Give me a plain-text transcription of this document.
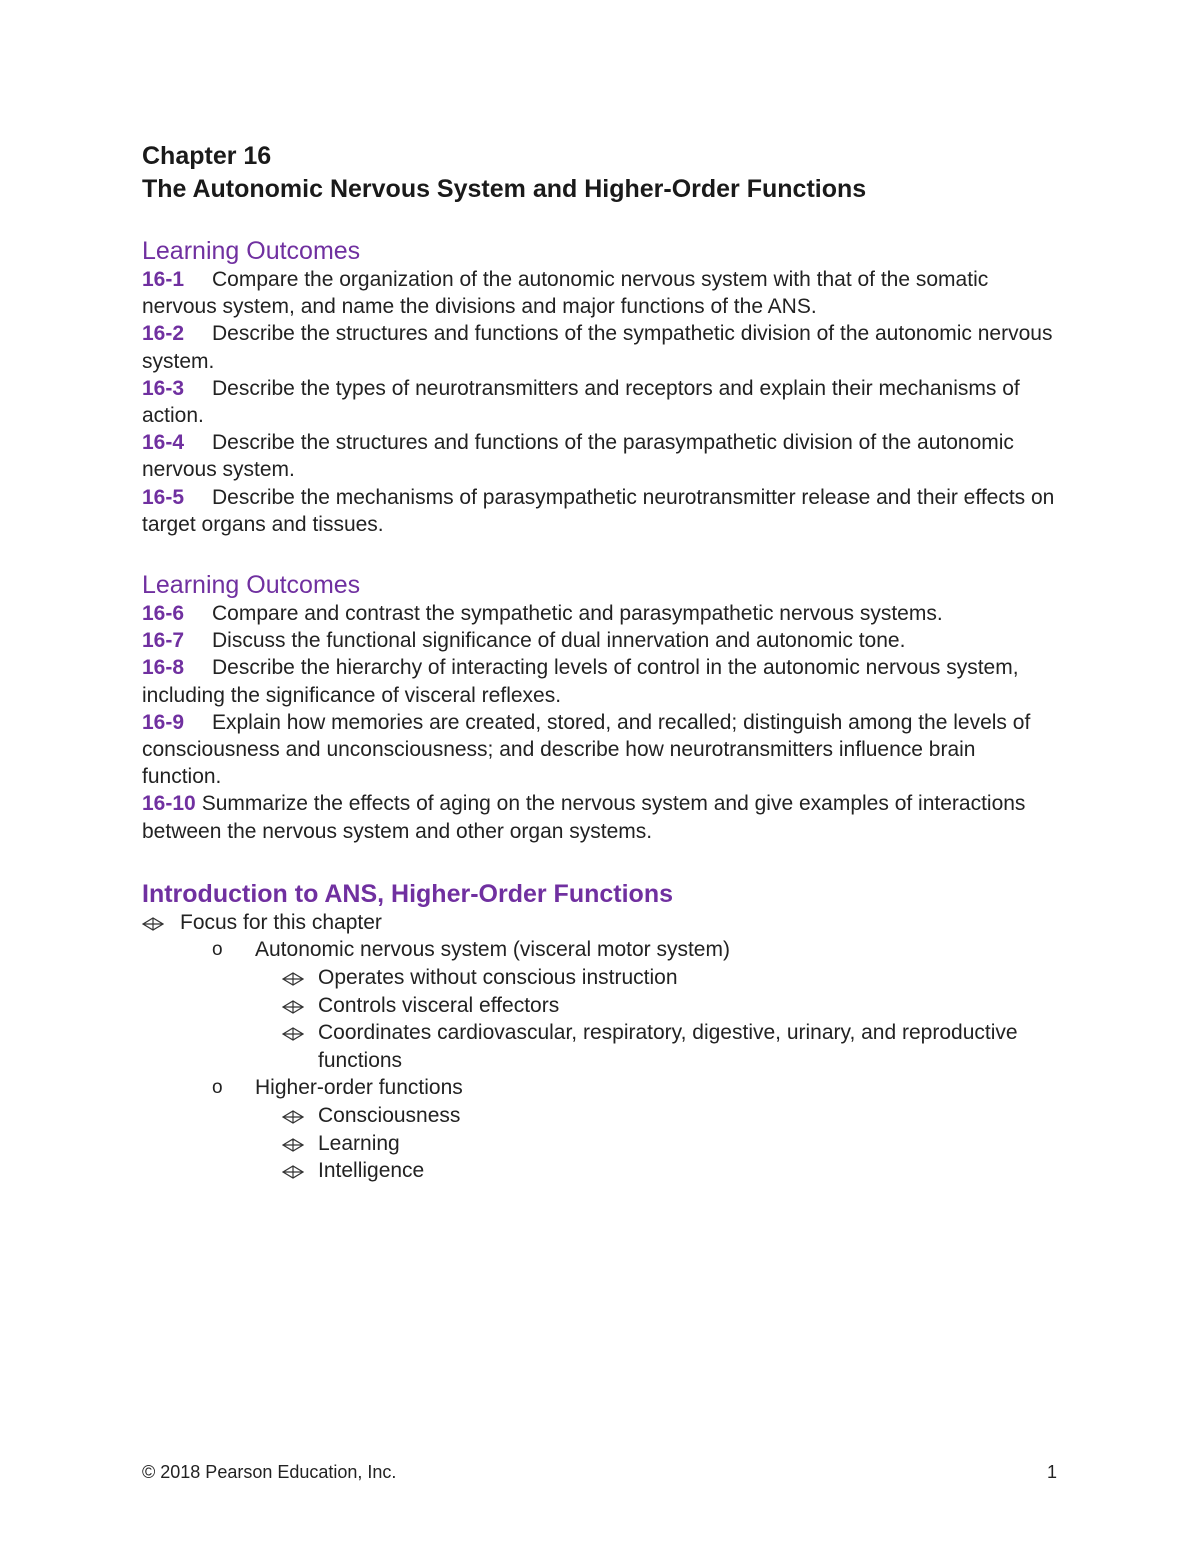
Chapter 16
The Autonomic Nervous System and Higher-Order Functions
Learning Outcomes
16-1 Compare the organization of the autonomic nervous system with that of the somatic nervous system, and name the divisions and major functions of the ANS.
16-2 Describe the structures and functions of the sympathetic division of the autonomic nervous system.
16-3 Describe the types of neurotransmitters and receptors and explain their mechanisms of action.
16-4 Describe the structures and functions of the parasympathetic division of the autonomic nervous system.
16-5 Describe the mechanisms of parasympathetic neurotransmitter release and their effects on target organs and tissues.
Learning Outcomes
16-6 Compare and contrast the sympathetic and parasympathetic nervous systems.
16-7 Discuss the functional significance of dual innervation and autonomic tone.
16-8 Describe the hierarchy of interacting levels of control in the autonomic nervous system, including the significance of visceral reflexes.
16-9 Explain how memories are created, stored, and recalled; distinguish among the levels of consciousness and unconsciousness; and describe how neurotransmitters influence brain function.
16-10 Summarize the effects of aging on the nervous system and give examples of interactions between the nervous system and other organ systems.
Introduction to ANS, Higher-Order Functions
Focus for this chapter
o Autonomic nervous system (visceral motor system)
Operates without conscious instruction
Controls visceral effectors
Coordinates cardiovascular, respiratory, digestive, urinary, and reproductive functions
o Higher-order functions
Consciousness
Learning
Intelligence
© 2018 Pearson Education, Inc.	1
